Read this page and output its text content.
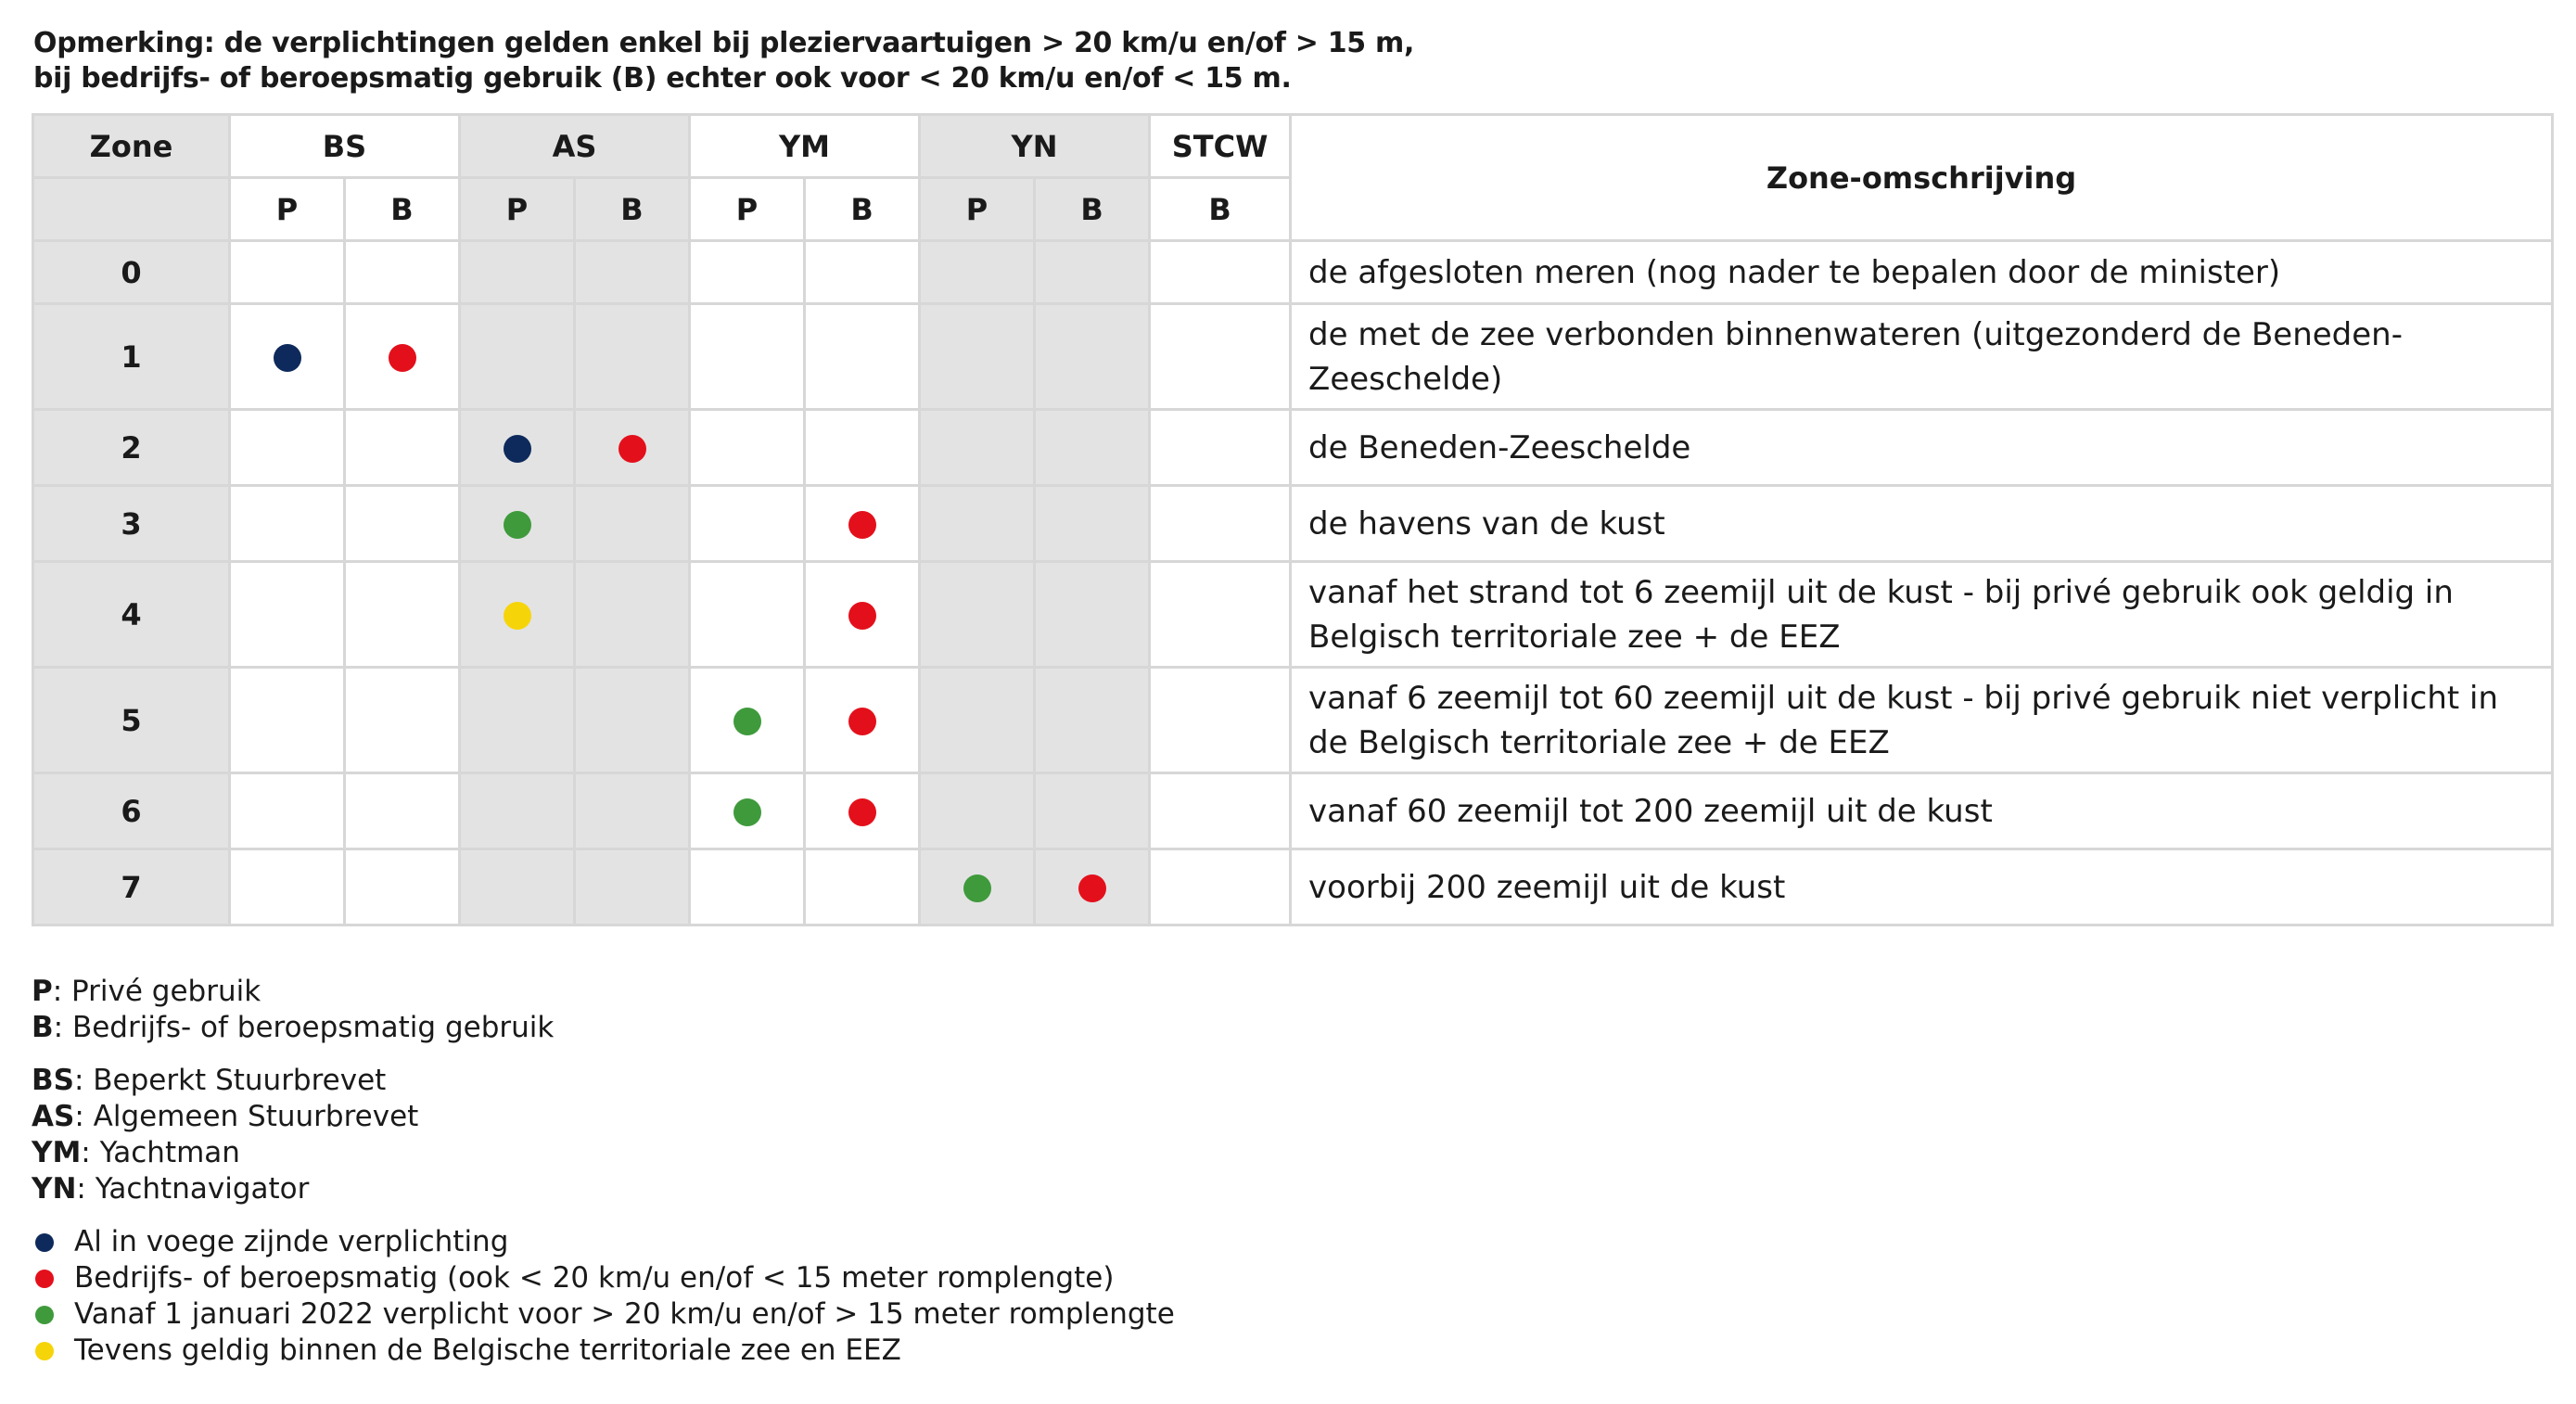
Opmerking: de verplichtingen gelden enkel bij pleziervaartuigen > 20 km/u en/of > 15 m,
bij bedrijfs- of beroepsmatig gebruik (B) echter ook voor < 20 km/u en/of < 15 m.
Zone	BS		AS		YM		YN		STCW	Zone-omschrijving
	P	B	P	B	P	B	P	B	B	
0										de afgesloten meren (nog nader te bepalen door de minister)
1										de met de zee verbonden binnenwateren (uitgezonderd de Beneden-Zeeschelde)
2										de Beneden-Zeeschelde
3										de havens van de kust
4										vanaf het strand tot 6 zeemijl uit de kust - bij privé gebruik ook geldig in Belgisch territoriale zee + de EEZ
5										vanaf 6 zeemijl tot 60 zeemijl uit de kust - bij privé gebruik niet verplicht in de Belgisch territoriale zee + de EEZ
6										vanaf 60 zeemijl tot 200 zeemijl uit de kust
7										voorbij 200 zeemijl uit de kust
P: Privé gebruik
B: Bedrijfs- of beroepsmatig gebruik
BS: Beperkt Stuurbrevet
AS: Algemeen Stuurbrevet
YM: Yachtman
YN: Yachtnavigator
Al in voege zijnde verplichting
Bedrijfs- of beroepsmatig (ook < 20 km/u en/of < 15 meter romplengte)
Vanaf 1 januari 2022 verplicht voor > 20 km/u en/of > 15 meter romplengte
Tevens geldig binnen de Belgische territoriale zee en EEZ
